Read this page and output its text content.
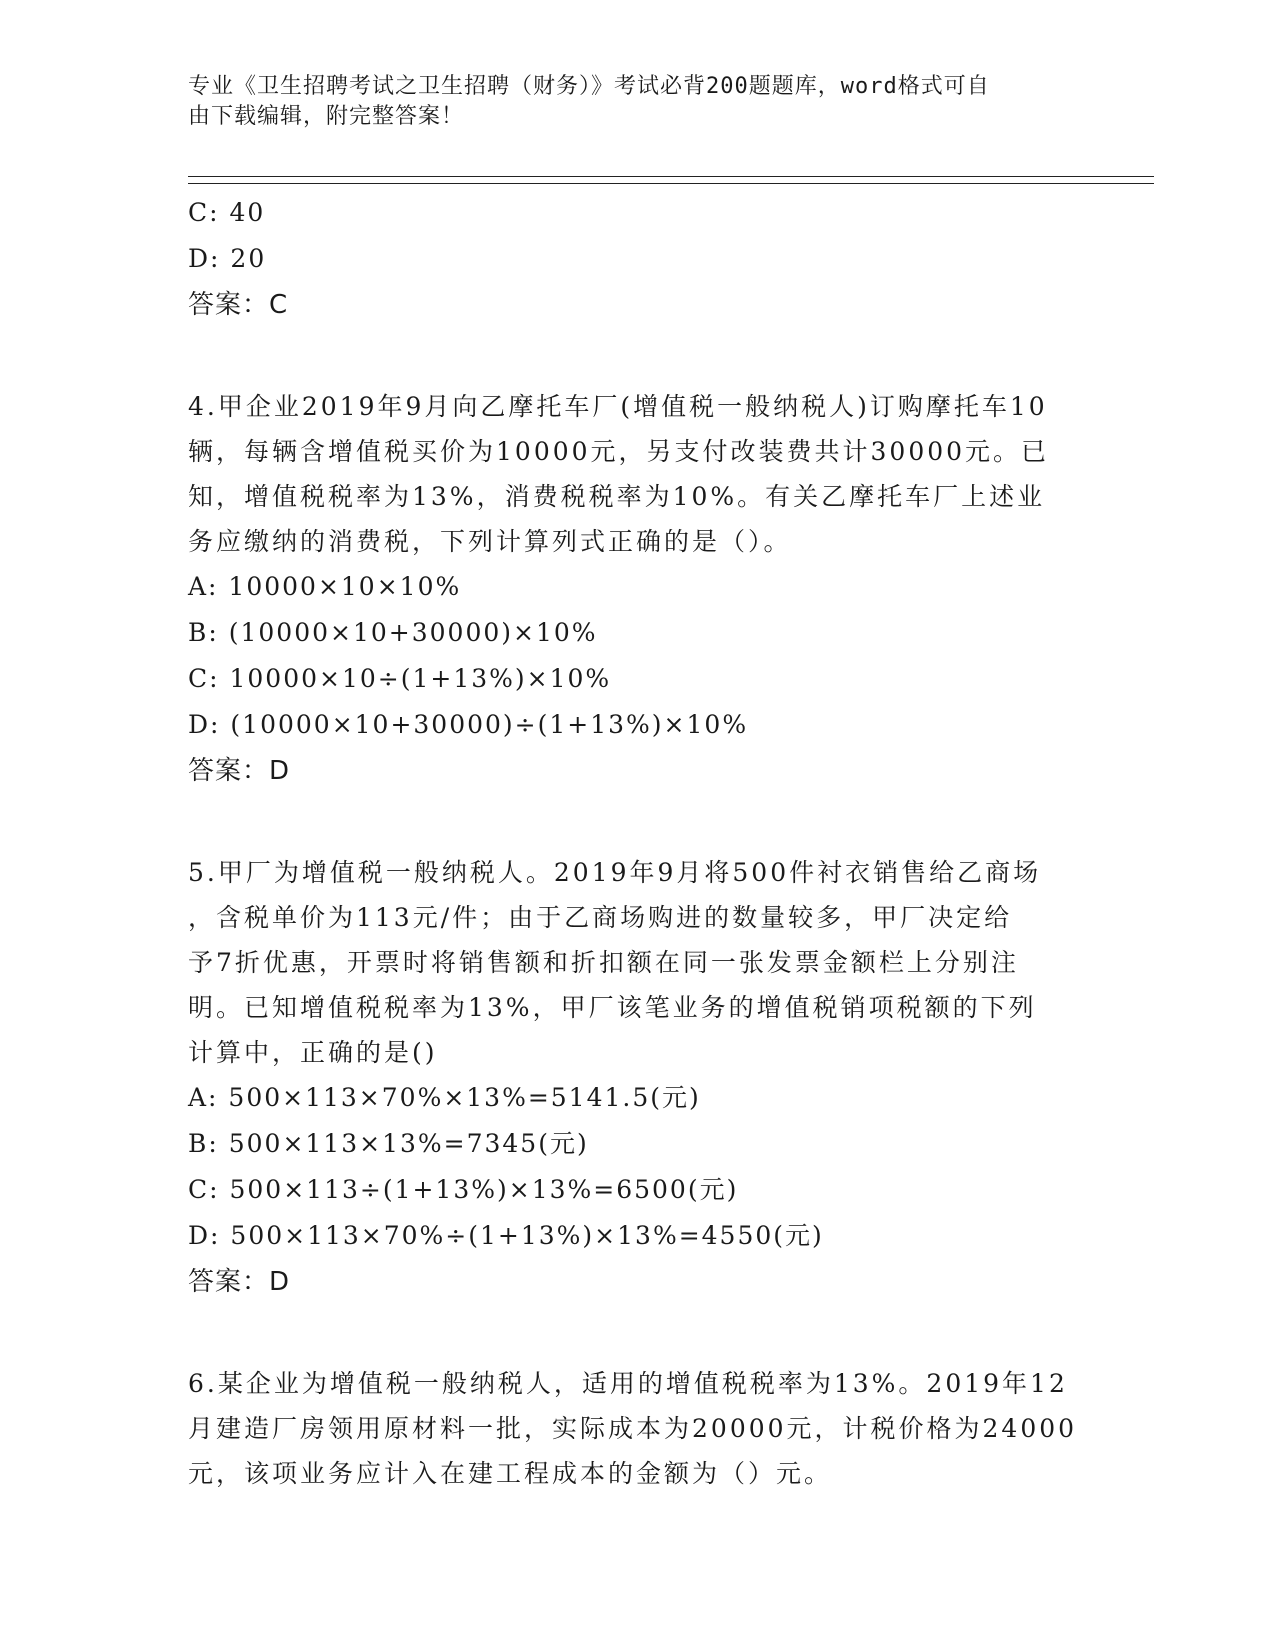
专业《卫生招聘考试之卫生招聘（财务）》考试必背200题题库，word格式可自
由下载编辑，附完整答案！
C: 40
D: 20
答案：C
4.甲企业2019年9月向乙摩托车厂(增值税一般纳税人)订购摩托车10
辆，每辆含增值税买价为10000元，另支付改装费共计30000元。已
知，增值税税率为13%，消费税税率为10%。有关乙摩托车厂上述业
务应缴纳的消费税，下列计算列式正确的是（）。
A: 10000×10×10%
B: (10000×10+30000)×10%
C: 10000×10÷(1+13%)×10%
D: (10000×10+30000)÷(1+13%)×10%
答案：D
5.甲厂为增值税一般纳税人。2019年9月将500件衬衣销售给乙商场
，含税单价为113元/件；由于乙商场购进的数量较多，甲厂决定给
予7折优惠，开票时将销售额和折扣额在同一张发票金额栏上分别注
明。已知增值税税率为13%，甲厂该笔业务的增值税销项税额的下列
计算中，正确的是()
A: 500×113×70%×13%=5141.5(元)
B: 500×113×13%=7345(元)
C: 500×113÷(1+13%)×13%=6500(元)
D: 500×113×70%÷(1+13%)×13%=4550(元)
答案：D
6.某企业为增值税一般纳税人，适用的增值税税率为13%。2019年12
月建造厂房领用原材料一批，实际成本为20000元，计税价格为24000
元，该项业务应计入在建工程成本的金额为（）元。
